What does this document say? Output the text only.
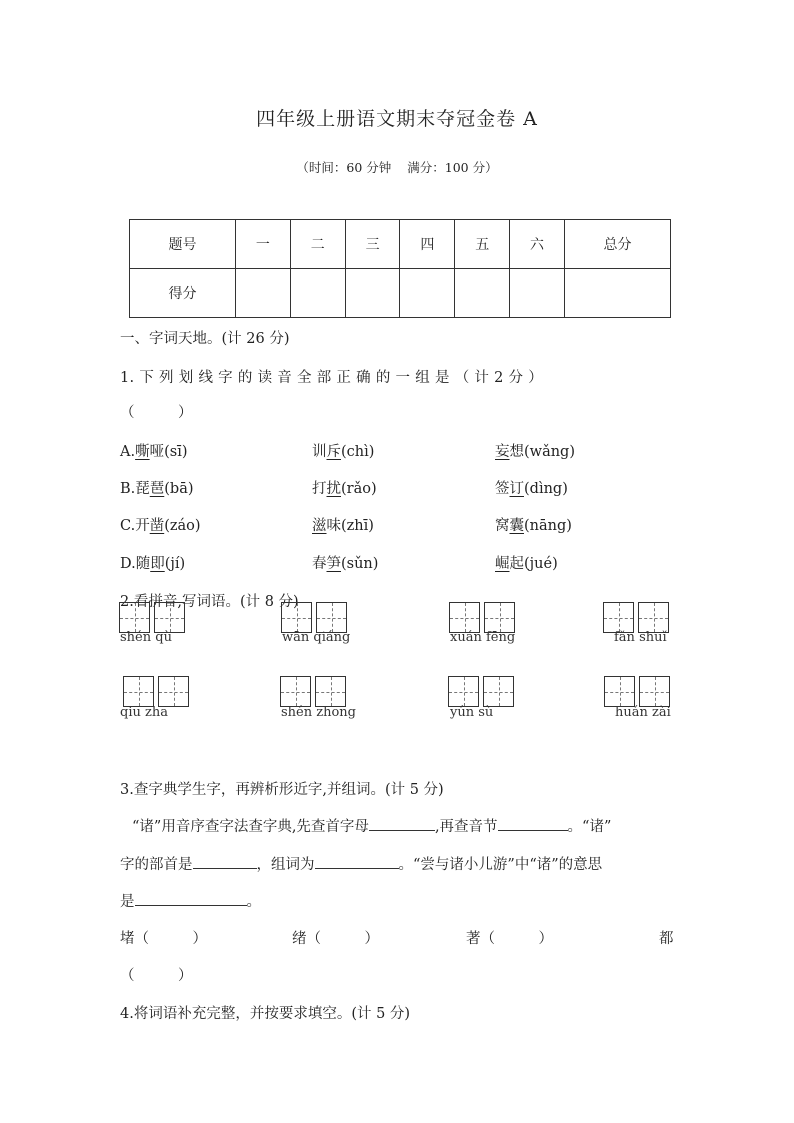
四年级上册语文期末夺冠金卷 A
（时间：60 分钟 满分：100 分）
题号	一	二	三	四	五	六	总分
得分							
一、字词天地。(计 26 分)
1. 下 列 划 线 字 的 读 音 全 部 正 确 的 一 组 是 （ 计 2 分 ）
（　　　）
A.嘶哑(sī)	训斥(chì)	妄想(wǎng)
B.琵琶(bā)	打扰(rǎo)	签订(dìng)
C.开凿(záo)	滋味(zhī)	窝囊(nāng)
D.随即(jí)	春笋(sǔn)	崛起(jué)
2.看拼音,写词语。(计 8 分)
shén qù	wān qiáng	xuán fēng	fǎn shuǐ
qiū zhā	shén zhōng	yún sù	huán zài
3.查字典学生字，再辨析形近字,并组词。(计 5 分)
“诸”用音序查字法查字典,先查首字母	,再查音节	。“诸”
字的部首是	，组词为	。“尝与诸小儿游”中“诸”的意思
是	。
堵（　　　）	绪（　　　）	著（　　　）	都
（　　　）
4.将词语补充完整，并按要求填空。(计 5 分)
